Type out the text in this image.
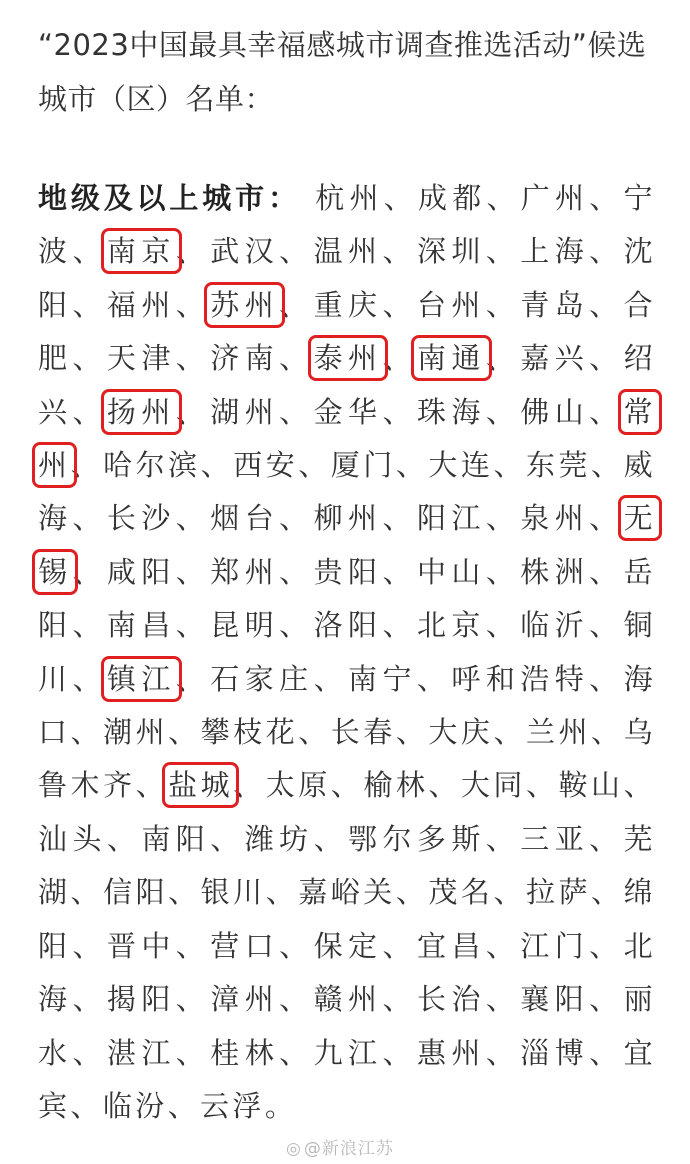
“2023中国最具幸福感城市调查推选活动”候选城市（区）名单：
地级及以上城市： 杭州、成都、广州、宁波、南京、武汉、温州、深圳、上海、沈阳、福州、苏州、重庆、台州、青岛、合肥、天津、济南、泰州、南通、嘉兴、绍兴、扬州、湖州、金华、珠海、佛山、常州、哈尔滨、西安、厦门、大连、东莞、威海、长沙、烟台、柳州、阳江、泉州、无锡、咸阳、郑州、贵阳、中山、株洲、岳阳、南昌、昆明、洛阳、北京、临沂、铜川、镇江、石家庄、南宁、呼和浩特、海口、潮州、攀枝花、长春、大庆、兰州、乌鲁木齐、盐城、太原、榆林、大同、鞍山、汕头、南阳、潍坊、鄂尔多斯、三亚、芜湖、信阳、银川、嘉峪关、茂名、拉萨、绵阳、晋中、营口、保定、宜昌、江门、北海、揭阳、漳州、赣州、长治、襄阳、丽水、湛江、桂林、九江、惠州、淄博、宜宾、临汾、云浮。
◎ @新浪江苏
